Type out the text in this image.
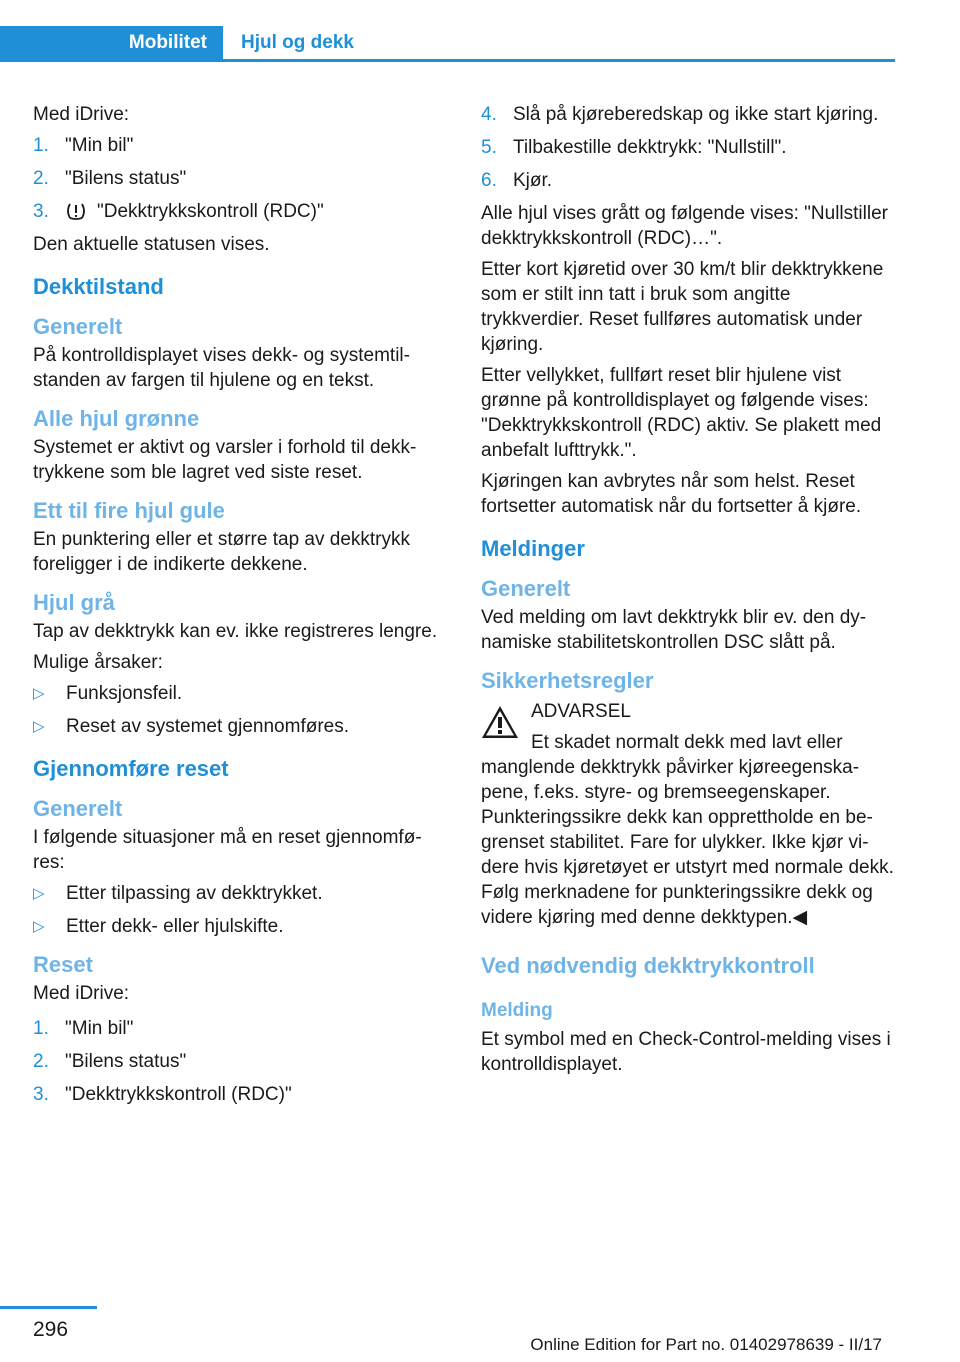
Mobilitet Hjul og dekk

Med iDrive:

1. "Min bil"
2. "Bilens status"
3.	"Dekktrykkskontroll (RDC)"

Den aktuelle statusen vises.

Dekktilstand
Generelt

På kontrolldisplayet vises dekk- og systemtilstanden av fargen til hjulene og en tekst.

Alle hjul grønne

Systemet er aktivt og varsler i forhold til dekktrykkene som ble lagret ved siste reset.

Ett til fire hjul gule

En punktering eller et større tap av dekktrykk foreligger i de indikerte dekkene.

Hjul grå

Tap av dekktrykk kan ev. ikke registreres lengre.

Mulige årsaker:

▷ Funksjonsfeil.
▷ Reset av systemet gjennomføres.
Gjennomføre reset
Generelt

I følgende situasjoner må en reset gjennomføres:

▷ Etter tilpassing av dekktrykket.
▷ Etter dekk- eller hjulskifte.
Reset

Med iDrive:

1. "Min bil"
2. "Bilens status"
3. "Dekktrykkskontroll (RDC)"
4. Slå på kjøreberedskap og ikke start kjøring.
5. Tilbakestille dekktrykk: "Nullstill".
6. Kjør.

Alle hjul vises grått og følgende vises: "Nullstiller dekktrykkskontroll (RDC)…".

Etter kort kjøretid over 30 km/t blir dekktrykkene som er stilt inn tatt i bruk som angitte trykkverdier. Reset fullføres automatisk under kjøring.

Etter vellykket, fullført reset blir hjulene vist grønne på kontrolldisplayet og følgende vises: "Dekktrykkskontroll (RDC) aktiv. Se plakett med anbefalt lufttrykk.".

Kjøringen kan avbrytes når som helst. Reset fortsetter automatisk når du fortsetter å kjøre.

Meldinger
Generelt

Ved melding om lavt dekktrykk blir ev. den dynamiske stabilitetskontrollen DSC slått på.

Sikkerhetsregler
ADVARSEL

Et skadet normalt dekk med lavt eller manglende dekktrykk påvirker kjøreegenskapene, f.eks. styre- og bremseegenskaper. Punkteringssikre dekk kan opprettholde en begrenset stabilitet. Fare for ulykker. Ikke kjør videre hvis kjøretøyet er utstyrt med normale dekk. Følg merknadene for punkteringssikre dekk og videre kjøring med denne dekktypen.◀

Ved nødvendig dekktrykkontroll
Melding

Et symbol med en Check-Control-melding vises i kontrolldisplayet.

296
Online Edition for Part no. 01402978639 - II/17
